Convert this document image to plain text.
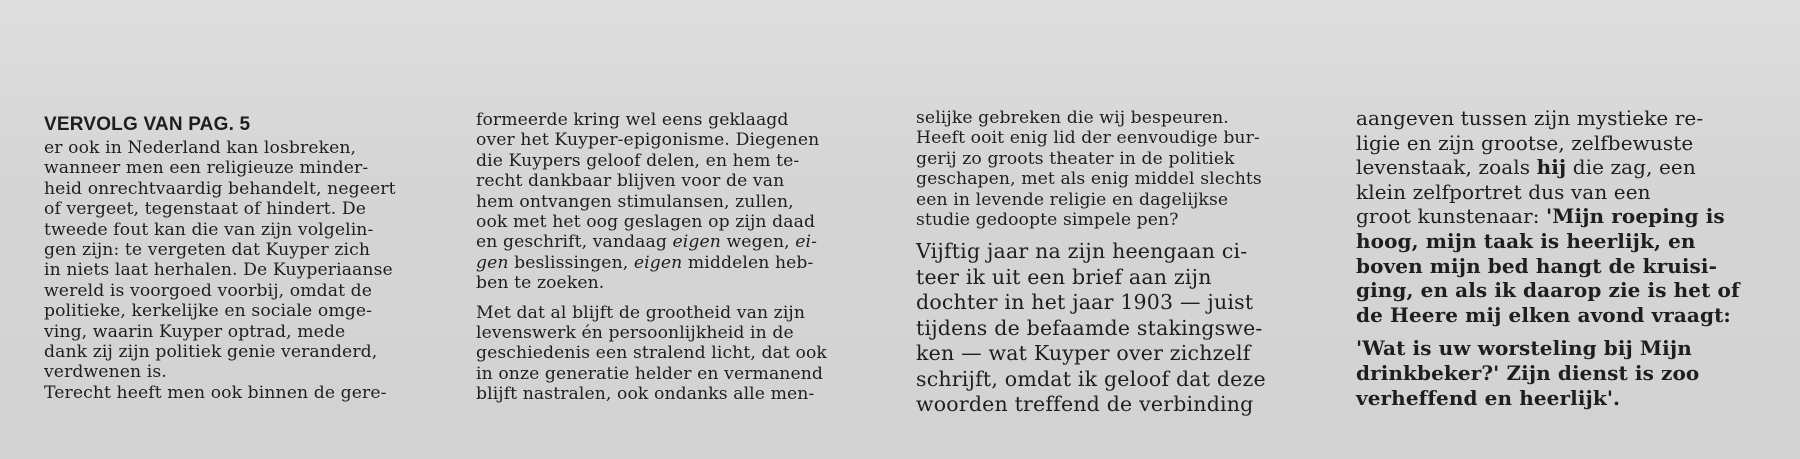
VERVOLG VAN PAG. 5
er ook in Nederland kan losbreken,
wanneer men een religieuze minder-
heid onrechtvaardig behandelt, negeert
of vergeet, tegenstaat of hindert. De
tweede fout kan die van zijn volgelin-
gen zijn: te vergeten dat Kuyper zich
in niets laat herhalen. De Kuyperiaanse
wereld is voorgoed voorbij, omdat de
politieke, kerkelijke en sociale omge-
ving, waarin Kuyper optrad, mede
dank zij zijn politiek genie veranderd,
verdwenen is.
Terecht heeft men ook binnen de gere-
formeerde kring wel eens geklaagd
over het Kuyper-epigonisme. Diegenen
die Kuypers geloof delen, en hem te-
recht dankbaar blijven voor de van
hem ontvangen stimulansen, zullen,
ook met het oog geslagen op zijn daad
en geschrift, vandaag eigen wegen, ei-
gen beslissingen, eigen middelen heb-
ben te zoeken.
Met dat al blijft de grootheid van zijn
levenswerk én persoonlijkheid in de
geschiedenis een stralend licht, dat ook
in onze generatie helder en vermanend
blijft nastralen, ook ondanks alle men-
selijke gebreken die wij bespeuren.
Heeft ooit enig lid der eenvoudige bur-
gerij zo groots theater in de politiek
geschapen, met als enig middel slechts
een in levende religie en dagelijkse
studie gedoopte simpele pen?
Vijftig jaar na zijn heengaan ci-
teer ik uit een brief aan zijn
dochter in het jaar 1903 — juist
tijdens de befaamde stakingswe-
ken — wat Kuyper over zichzelf
schrijft, omdat ik geloof dat deze
woorden treffend de verbinding
aangeven tussen zijn mystieke re-
ligie en zijn grootse, zelfbewuste
levenstaak, zoals hij die zag, een
klein zelfportret dus van een
groot kunstenaar: 'Mijn roeping is
hoog, mijn taak is heerlijk, en
boven mijn bed hangt de kruisi-
ging, en als ik daarop zie is het of
de Heere mij elken avond vraagt:
'Wat is uw worsteling bij Mijn
drinkbeker?' Zijn dienst is zoo
verheffend en heerlijk'.
